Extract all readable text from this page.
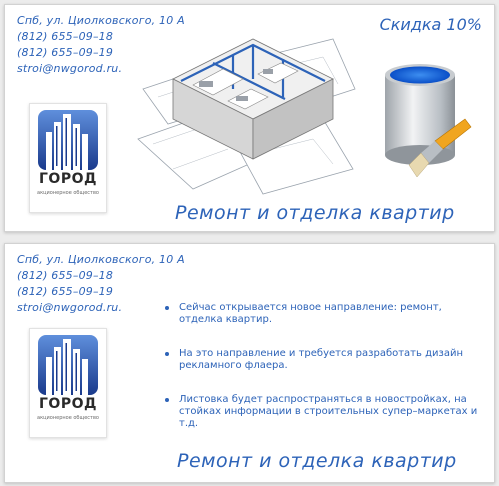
Спб, ул. Циолковского, 10 А
(812) 655–09–18
(812) 655–09–19
stroi@nwgorod.ru.
ГОРОД
акционерное общество
Скидка 10%
Ремонт и отделка квартир
Спб, ул. Циолковского, 10 А
(812) 655–09–18
(812) 655–09–19
stroi@nwgorod.ru.
ГОРОД
акционерное общество
Сейчас открывается новое направление: ремонт, отделка квартир.
На это направление и требуется разработать дизайн рекламного флаера.
Листовка будет распространяться в новостройках, на стойках информации в строительных супер–маркетах и т.д.
Ремонт и отделка квартир
